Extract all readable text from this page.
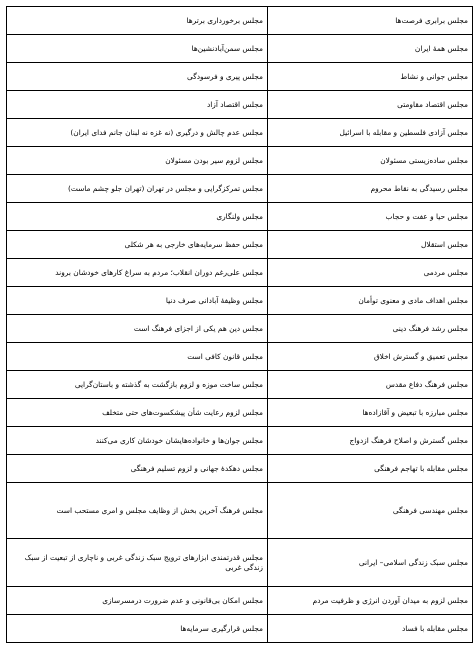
مجلس برابری فرصت‌ها	مجلس برخورداری برترها
مجلس همهٔ ایران	مجلس سمن‌آباد‌نشین‌ها
مجلس جوانی و نشاط	مجلس پیری و فرسودگی
مجلس اقتصاد مقاومتی	مجلس اقتصاد آزاد
مجلس آزادی فلسطین و مقابله با اسرائیل	مجلس عدم چالش و درگیری (نه غزه نه لبنان جانم فدای ایران)
مجلس ساده‌زیستی مسئولان	مجلس لزوم سیر بودن مسئولان
مجلس رسیدگی به نقاط محروم	مجلس تمرکزگرایی و مجلس در تهران (تهران جلو چشم ماست)
مجلس حیا و عفت و حجاب	مجلس ولنگاری
مجلس استقلال	مجلس حفظ سرمایه‌های خارجی به هر شکلی
مجلس مردمی	مجلس علی‌رغم دوران انقلاب؛ مردم به سراغ کارهای خودشان بروند
مجلس اهداف مادی و معنوی توأمان	مجلس وظیفهٔ آبادانی صرف دنیا
مجلس رشد فرهنگ دینی	مجلس دین هم یکی از اجزای فرهنگ است
مجلس تعمیق و گسترش اخلاق	مجلس قانون کافی است
مجلس فرهنگ دفاع مقدس	مجلس ساخت موزه و لزوم بازگشت به گذشته و باستان‌گرایی
مجلس مبارزه با تبعیض و آقازاده‌ها	مجلس لزوم رعایت شأن پیشکسوت‌های حتی متخلف
مجلس گسترش و اصلاح فرهنگ ازدواج	مجلس جوان‌ها و خانواده‌هایشان خودشان کاری می‌کنند
مجلس مقابله با تهاجم فرهنگی	مجلس دهکدهٔ جهانی و لزوم تسلیم فرهنگی
مجلس مهندسی فرهنگی	مجلس فرهنگ آخرین بخش از وظایف مجلس و امری مستحب است
مجلس سبک زندگی اسلامی– ایرانی	مجلس قدرتمندی ابزارهای ترویج سبک زندگی غربی و ناچاری از تبعیت از سبک زندگی غربی
مجلس لزوم به میدان آوردن انرژی و ظرفیت مردم	مجلس امکان بی‌قانونی و عدم ضرورت درمسر‌سازی
مجلس مقابله با فساد	مجلس قرارگیری سرمایه‌ها
